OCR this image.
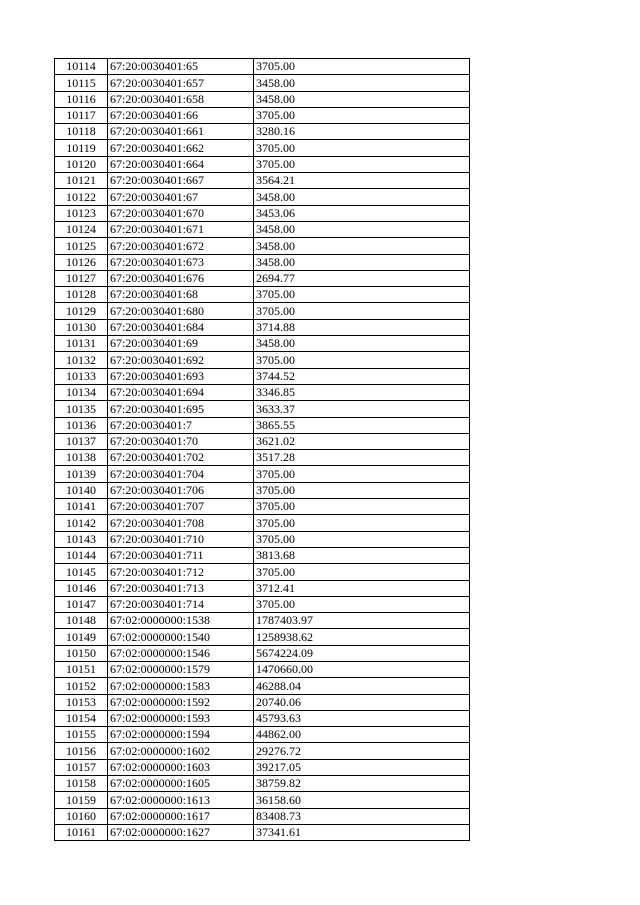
10114	67:20:0030401:65	3705.00
10115	67:20:0030401:657	3458.00
10116	67:20:0030401:658	3458.00
10117	67:20:0030401:66	3705.00
10118	67:20:0030401:661	3280.16
10119	67:20:0030401:662	3705.00
10120	67:20:0030401:664	3705.00
10121	67:20:0030401:667	3564.21
10122	67:20:0030401:67	3458.00
10123	67:20:0030401:670	3453.06
10124	67:20:0030401:671	3458.00
10125	67:20:0030401:672	3458.00
10126	67:20:0030401:673	3458.00
10127	67:20:0030401:676	2694.77
10128	67:20:0030401:68	3705.00
10129	67:20:0030401:680	3705.00
10130	67:20:0030401:684	3714.88
10131	67:20:0030401:69	3458.00
10132	67:20:0030401:692	3705.00
10133	67:20:0030401:693	3744.52
10134	67:20:0030401:694	3346.85
10135	67:20:0030401:695	3633.37
10136	67:20:0030401:7	3865.55
10137	67:20:0030401:70	3621.02
10138	67:20:0030401:702	3517.28
10139	67:20:0030401:704	3705.00
10140	67:20:0030401:706	3705.00
10141	67:20:0030401:707	3705.00
10142	67:20:0030401:708	3705.00
10143	67:20:0030401:710	3705.00
10144	67:20:0030401:711	3813.68
10145	67:20:0030401:712	3705.00
10146	67:20:0030401:713	3712.41
10147	67:20:0030401:714	3705.00
10148	67:02:0000000:1538	1787403.97
10149	67:02:0000000:1540	1258938.62
10150	67:02:0000000:1546	5674224.09
10151	67:02:0000000:1579	1470660.00
10152	67:02:0000000:1583	46288.04
10153	67:02:0000000:1592	20740.06
10154	67:02:0000000:1593	45793.63
10155	67:02:0000000:1594	44862.00
10156	67:02:0000000:1602	29276.72
10157	67:02:0000000:1603	39217.05
10158	67:02:0000000:1605	38759.82
10159	67:02:0000000:1613	36158.60
10160	67:02:0000000:1617	83408.73
10161	67:02:0000000:1627	37341.61
